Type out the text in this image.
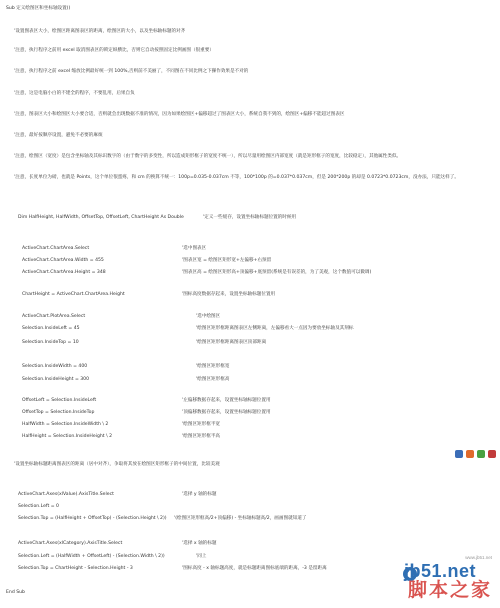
Sub 定义绘图区和坐标轴设置()
'设置图表区大小，绘图区距离图表区的距离，绘图区的大小，以及坐标轴标题的对齐
'注意，执行程序之前用 excel 取消图表区的锁定纵横比，否则它自动按照固定比例画图（很重要）
'注意，执行程序之前 excel 缩放比例最好统一到 100%,否则前不美丽了，不同图在不同比例之下操作效果是不对的
'注意，这是电脑小白的不建全的程序，不要乱用，后果自负
'注意，图表区大小和绘图区大小要合适，否则就会出现数据不准的情况，因为如果绘图区+偏移超过了图表区大小，系统自我不到的，绘图区+偏移不能超过图表区
'注意，最好按顺序设置，避免不必要的麻烦
'注意，绘图区（宽度）是包含坐标轴及其标识数字的（由于数字的多变性，所以造成矩形框子的宽度不统一），所以尽量用绘图区内部宽度（就是矩形框子的宽度，比较稳定），其他属性类似。
'注意，长度单位为磅，也就是 Points，这个单位很蛋疼，和 cm 的换算不统一：100p=0.035-0.037cm 不等，100*100p 的=0.037*0.037cm，但是 200*200p 的却是 0.0723*0.0723cm，没办法，只能这样了。
Dim HalfHeight, HalfWidth, OffsetTop, OffsetLeft, ChartHeight As Double	'定义一些缓存，设置坐标轴标题位置的时候用
ActiveChart.ChartArea.Select	'选中图表区
ActiveChart.ChartArea.Width = 455	'图表区宽 = 绘图区矩形宽+左偏移+右预留
ActiveChart.ChartArea.Height = 348	'图表区高 = 绘图区矩形高+顶偏移+底预留(系统是有误差的，为了美观，这个数值可以微调)
ChartHeight = ActiveChart.ChartArea.Height	'图标高度数据存起来，设置坐标轴标题位置用
ActiveChart.PlotArea.Select	'选中绘图区
Selection.InsideLeft = 45	'绘图区矩形框距离图表区左侧距离，左偏移看大一点因为要放坐标轴及其刻标
Selection.InsideTop = 10	'绘图区矩形框距离图表区顶部距离
Selection.InsideWidth = 400	'绘图区矩形框宽
Selection.InsideHeight = 300	'绘图区矩形框高
OffsetLeft = Selection.InsideLeft	'左偏移数据存起来，设置坐标轴标题位置用
OffsetTop = Selection.InsideTop	'顶偏移数据存起来，设置坐标轴标题位置用
HalfWidth = Selection.InsideWidth \ 2	'绘图区矩形框半宽
HalfHeight = Selection.InsideHeight \ 2	'绘图区矩形框半高
'设置坐标轴标题距离图表区的距离（居中对齐），争取将其放在绘图区矩形框子的中间位置，比较美观
ActiveChart.Axes(xlValue).AxisTitle.Select	'选择 y 轴的标题
Selection.Left = 0
Selection.Top = (HalfHeight + OffsetTop) - (Selection.Height \ 2)) '(绘图区矩形框高/2+顶偏移) - 坐标轴标题高/2，画画图就知道了
ActiveChart.Axes(xlCategory).AxisTitle.Select	'选择 x 轴的标题
Selection.Left = (HalfWidth + OffsetLeft) - (Selection.Width \ 2))	'同上
Selection.Top = ChartHeight - Selection.Height - 3	'图标高度 - x 轴标题高度，就是标题距离图标底端的距离，-3 是留距离
End Sub
www.jb51.net
jb51.net
脚本之家
